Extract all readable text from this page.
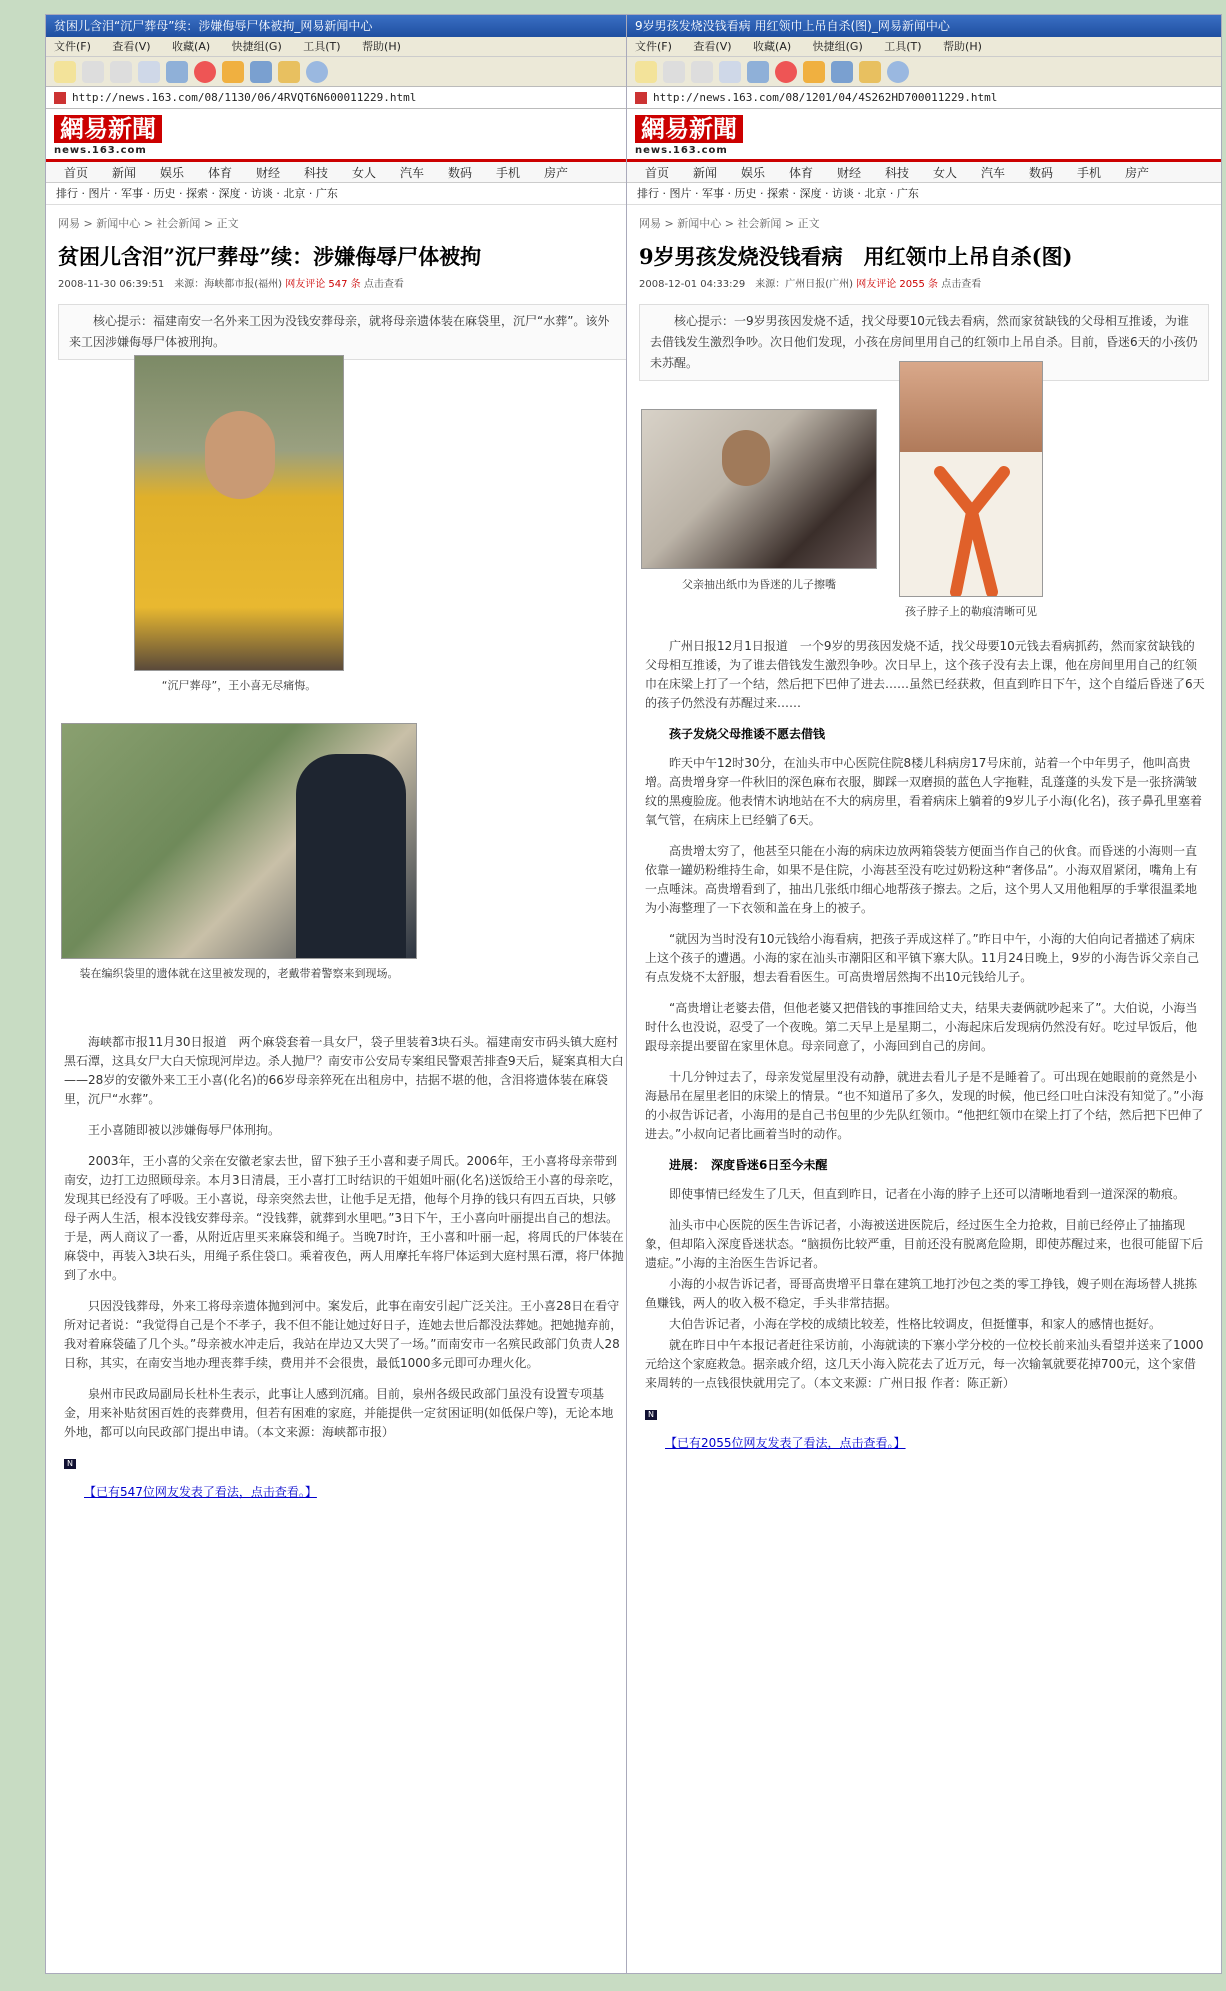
贫困儿含泪“沉尸葬母”续：涉嫌侮辱尸体被拘_网易新闻中心
文件(F) 查看(V) 收藏(A) 快捷组(G) 工具(T) 帮助(H)
http://news.163.com/08/1130/06/4RVQT6N600011229.html
網易新聞
news.163.com
首页	新闻	娱乐	体育	财经	科技	女人	汽车	数码	手机	房产
排行 · 图片 · 军事 · 历史 · 探索 · 深度 · 访谈 · 北京 · 广东
网易 > 新闻中心 > 社会新闻 > 正文
贫困儿含泪”沉尸葬母”续：涉嫌侮辱尸体被拘
2008-11-30 06:39:51　来源：海峡都市报(福州) 网友评论 547 条 点击查看
核心提示：福建南安一名外来工因为没钱安葬母亲，就将母亲遗体装在麻袋里，沉尸“水葬”。该外来工因涉嫌侮辱尸体被刑拘。
“沉尸葬母”，王小喜无尽痛悔。
装在编织袋里的遗体就在这里被发现的，老戴带着警察来到现场。

海峡都市报11月30日报道　两个麻袋套着一具女尸，袋子里装着3块石头。福建南安市码头镇大庭村黑石潭，这具女尸大白天惊现河岸边。杀人抛尸？南安市公安局专案组民警艰苦排查9天后，疑案真相大白——28岁的安徽外来工王小喜(化名)的66岁母亲猝死在出租房中，拮据不堪的他，含泪将遗体装在麻袋里，沉尸“水葬”。

王小喜随即被以涉嫌侮辱尸体刑拘。

2003年，王小喜的父亲在安徽老家去世，留下独子王小喜和妻子周氏。2006年，王小喜将母亲带到南安，边打工边照顾母亲。本月3日清晨，王小喜打工时结识的干姐姐叶丽(化名)送饭给王小喜的母亲吃，发现其已经没有了呼吸。王小喜说，母亲突然去世，让他手足无措，他每个月挣的钱只有四五百块，只够母子两人生活，根本没钱安葬母亲。“没钱葬，就葬到水里吧。”3日下午，王小喜向叶丽提出自己的想法。于是，两人商议了一番，从附近店里买来麻袋和绳子。当晚7时许，王小喜和叶丽一起，将周氏的尸体装在麻袋中，再装入3块石头，用绳子系住袋口。乘着夜色，两人用摩托车将尸体运到大庭村黑石潭，将尸体抛到了水中。

只因没钱葬母，外来工将母亲遗体抛到河中。案发后，此事在南安引起广泛关注。王小喜28日在看守所对记者说：“我觉得自己是个不孝子，我不但不能让她过好日子，连她去世后都没法葬她。把她抛弃前，我对着麻袋磕了几个头。”母亲被水冲走后，我站在岸边又大哭了一场。”而南安市一名殡民政部门负责人28日称，其实，在南安当地办理丧葬手续，费用并不会很贵，最低1000多元即可办理火化。

泉州市民政局副局长杜朴生表示，此事让人感到沉痛。目前，泉州各级民政部门虽没有设置专项基金，用来补贴贫困百姓的丧葬费用，但若有困难的家庭，并能提供一定贫困证明(如低保户等)，无论本地外地，都可以向民政部门提出申请。（本文来源：海峡都市报）

N
【已有547位网友发表了看法，点击查看。】
9岁男孩发烧没钱看病 用红领巾上吊自杀(图)_网易新闻中心
文件(F) 查看(V) 收藏(A) 快捷组(G) 工具(T) 帮助(H)
http://news.163.com/08/1201/04/4S262HD700011229.html
網易新聞
news.163.com
首页	新闻	娱乐	体育	财经	科技	女人	汽车	数码	手机	房产
排行 · 图片 · 军事 · 历史 · 探索 · 深度 · 访谈 · 北京 · 广东
网易 > 新闻中心 > 社会新闻 > 正文
9岁男孩发烧没钱看病　用红领巾上吊自杀(图)
2008-12-01 04:33:29　来源：广州日报(广州) 网友评论 2055 条 点击查看
核心提示：一9岁男孩因发烧不适，找父母要10元钱去看病，然而家贫缺钱的父母相互推诿，为谁去借钱发生激烈争吵。次日他们发现，小孩在房间里用自己的红领巾上吊自杀。目前，昏迷6天的小孩仍未苏醒。
父亲抽出纸巾为昏迷的儿子擦嘴
孩子脖子上的勒痕清晰可见

广州日报12月1日报道　一个9岁的男孩因发烧不适，找父母要10元钱去看病抓药，然而家贫缺钱的父母相互推诿，为了谁去借钱发生激烈争吵。次日早上，这个孩子没有去上课，他在房间里用自己的红领巾在床梁上打了一个结，然后把下巴伸了进去……虽然已经获救，但直到昨日下午，这个自缢后昏迷了6天的孩子仍然没有苏醒过来……

孩子发烧父母推诿不愿去借钱

昨天中午12时30分，在汕头市中心医院住院8楼儿科病房17号床前，站着一个中年男子，他叫高贵增。高贵增身穿一件秋旧的深色麻布衣服，脚踩一双磨损的蓝色人字拖鞋，乱蓬蓬的头发下是一张挤满皱纹的黑瘦脸庞。他表情木讷地站在不大的病房里，看着病床上躺着的9岁儿子小海(化名)，孩子鼻孔里塞着氧气管，在病床上已经躺了6天。

高贵增太穷了，他甚至只能在小海的病床边放两箱袋装方便面当作自己的伙食。而昏迷的小海则一直依靠一罐奶粉维持生命，如果不是住院，小海甚至没有吃过奶粉这种“奢侈品”。小海双眉紧闭，嘴角上有一点唾沫。高贵增看到了，抽出几张纸巾细心地帮孩子擦去。之后，这个男人又用他粗厚的手掌很温柔地为小海整理了一下衣领和盖在身上的被子。

“就因为当时没有10元钱给小海看病，把孩子弄成这样了。”昨日中午，小海的大伯向记者描述了病床上这个孩子的遭遇。小海的家在汕头市潮阳区和平镇下寨大队。11月24日晚上，9岁的小海告诉父亲自己有点发烧不太舒服，想去看看医生。可高贵增居然掏不出10元钱给儿子。

“高贵增让老婆去借，但他老婆又把借钱的事推回给丈夫，结果夫妻俩就吵起来了”。大伯说，小海当时什么也没说，忍受了一个夜晚。第二天早上是星期二，小海起床后发现病仍然没有好。吃过早饭后，他跟母亲提出要留在家里休息。母亲同意了，小海回到自己的房间。

十几分钟过去了，母亲发觉屋里没有动静，就进去看儿子是不是睡着了。可出现在她眼前的竟然是小海悬吊在屋里老旧的床梁上的情景。“也不知道吊了多久，发现的时候，他已经口吐白沫没有知觉了。”小海的小叔告诉记者，小海用的是自己书包里的少先队红领巾。“他把红领巾在梁上打了个结，然后把下巴伸了进去。”小叔向记者比画着当时的动作。

进展：　深度昏迷6日至今未醒

即使事情已经发生了几天，但直到昨日，记者在小海的脖子上还可以清晰地看到一道深深的勒痕。

汕头市中心医院的医生告诉记者，小海被送进医院后，经过医生全力抢救，目前已经停止了抽搐现象，但却陷入深度昏迷状态。“脑损伤比较严重，目前还没有脱离危险期，即使苏醒过来，也很可能留下后遗症。”小海的主治医生告诉记者。

小海的小叔告诉记者，哥哥高贵增平日靠在建筑工地打沙包之类的零工挣钱，嫂子则在海场替人挑拣鱼赚钱，两人的收入极不稳定，手头非常拮据。

大伯告诉记者，小海在学校的成绩比较差，性格比较调皮，但挺懂事，和家人的感情也挺好。

就在昨日中午本报记者赶往采访前，小海就读的下寨小学分校的一位校长前来汕头看望并送来了1000元给这个家庭救急。据亲戚介绍，这几天小海入院花去了近万元，每一次输氧就要花掉700元，这个家借来周转的一点钱很快就用完了。（本文来源：广州日报 作者：陈正新）

N
【已有2055位网友发表了看法，点击查看。】
